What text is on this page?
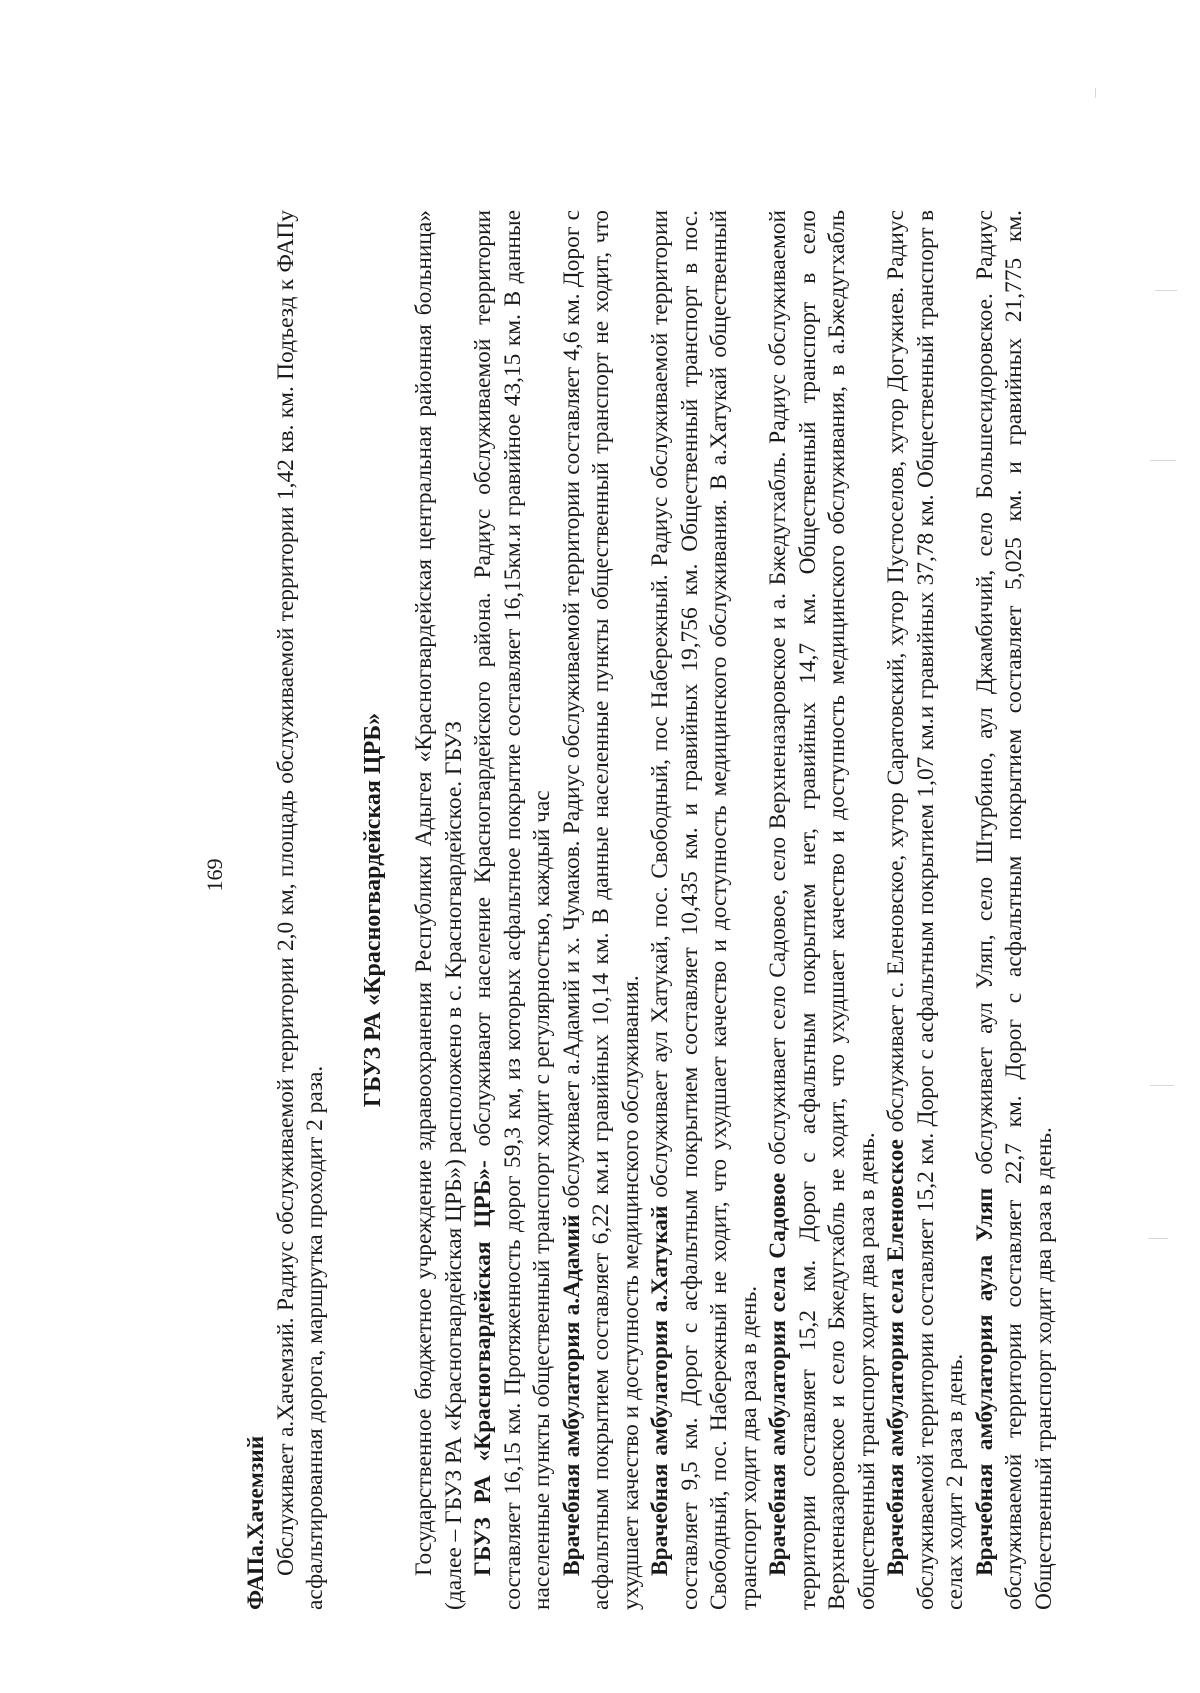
169

ФАПа.Хачемзий Обслуживает а.Хачемзий. Радиус обслуживаемой территории 2,0 км, площадь обслуживаемой территории 1,42 кв. км. Подъезд к ФАПу асфальтированная дорога, маршрутка проходит 2 раза.

ГБУЗ РА «Красногвардейская ЦРБ» Государственное бюджетное учреждение здравоохранения Республики Адыгея «Красногвардейская центральная районная больница» (далее – ГБУЗ РА «Красногвардейская ЦРБ») расположено в с. Красногвардейское. ГБУЗ ГБУЗ РА «Красногвардейская ЦРБ»- обслуживают население Красногвардейского района. Радиус обслуживаемой территории составляет 16,15 км. Протяженность дорог 59,3 км, из которых асфальтное покрытие составляет 16,15км.и гравийное 43,15 км. В данные населенные пункты общественный транспорт ходит с регулярностью, каждый час Врачебная амбулатория а.Адамий обслуживает а.Адамий и х. Чумаков. Радиус обслуживаемой территории составляет 4,6 км. Дорог с асфальтным покрытием составляет 6,22 км.и гравийных 10,14 км. В данные населенные пункты общественный транспорт не ходит, что ухудшает качество и доступность медицинского обслуживания. Врачебная амбулатория а.Хатукай обслуживает аул Хатукай, пос. Свободный, пос Набережный. Радиус обслуживаемой территории составляет 9,5 км. Дорог с асфальтным покрытием составляет 10,435 км. и гравийных 19,756 км. Общественный транспорт в пос. Свободный, пос. Набережный не ходит, что ухудшает качество и доступность медицинского обслуживания. В а.Хатукай общественный транспорт ходит два раза в день. Врачебная амбулатория села Садовое обслуживает село Садовое, село Верхненазаровское и а. Бжедугхабль. Радиус обслуживаемой территории составляет 15,2 км. Дорог с асфальтным покрытием нет, гравийных 14,7 км. Общественный транспорт в село Верхненазаровское и село Бжедугхабль не ходит, что ухудшает качество и доступность медицинского обслуживания, в а.Бжедугхабль общественный транспорт ходит два раза в день. Врачебная амбулатория села Еленовское обслуживает с. Еленовское, хутор Саратовский, хутор Пустоселов, хутор Догужиев. Радиус обслуживаемой территории составляет 15,2 км. Дорог с асфальтным покрытием 1,07 км.и гравийных 37,78 км. Общественный транспорт в селах ходит 2 раза в день. Врачебная амбулатория аула Уляп обслуживает аул Уляп, село Штурбино, аул Джамбичий, село Большесидоровское. Радиус обслуживаемой территории составляет 22,7 км. Дорог с асфальтным покрытием составляет 5,025 км. и гравийных 21,775 км. Общественный транспорт ходит два раза в день.
